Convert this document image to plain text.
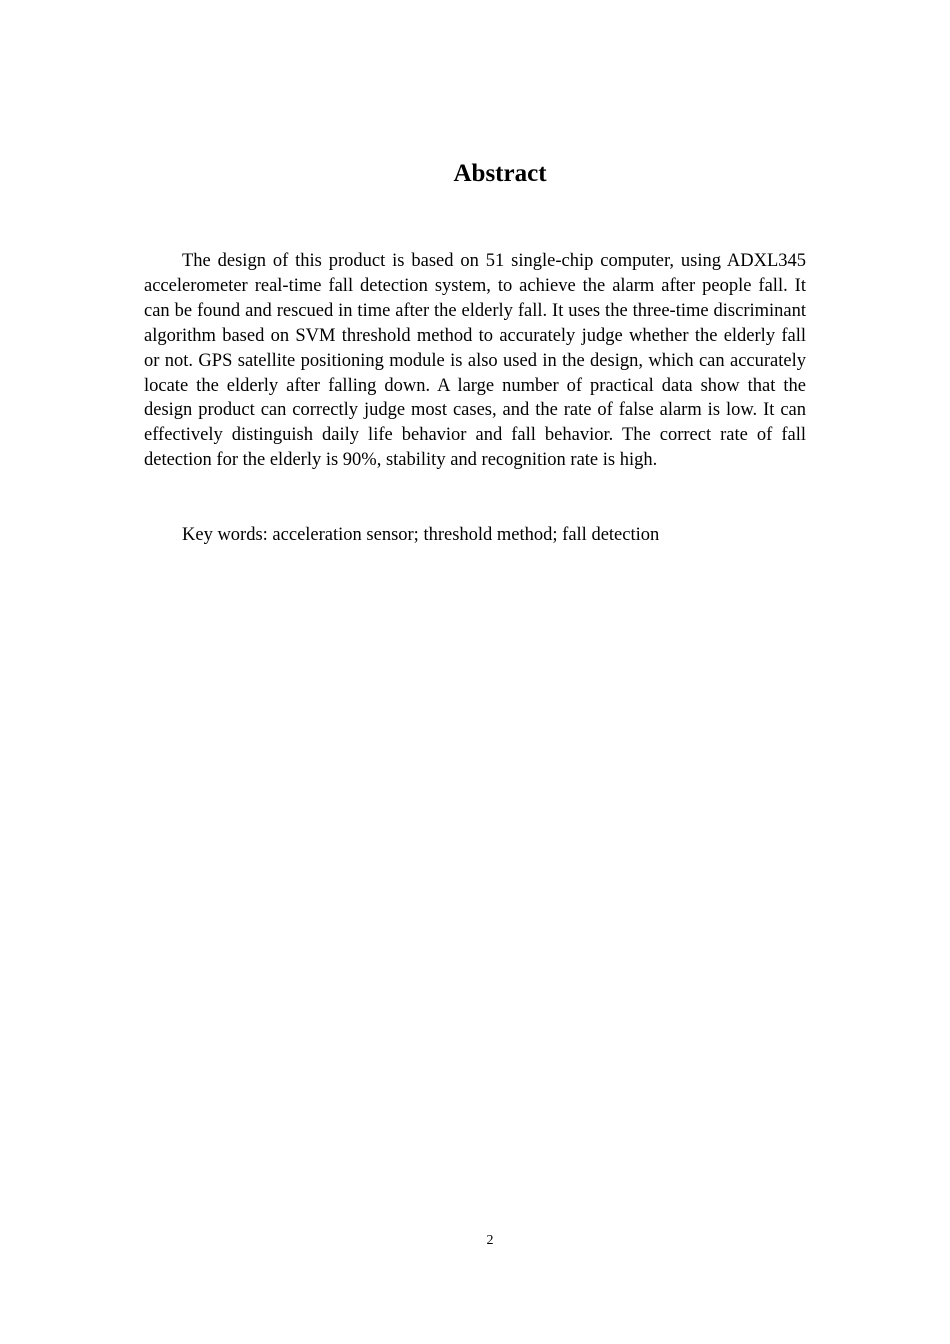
Abstract

The design of this product is based on 51 single-chip computer, using ADXL345 accelerometer real-time fall detection system, to achieve the alarm after people fall. It can be found and rescued in time after the elderly fall. It uses the three-time discriminant algorithm based on SVM threshold method to accurately judge whether the elderly fall or not. GPS satellite positioning module is also used in the design, which can accurately locate the elderly after falling down. A large number of practical data show that the design product can correctly judge most cases, and the rate of false alarm is low. It can effectively distinguish daily life behavior and fall behavior. The correct rate of fall detection for the elderly is 90%, stability and recognition rate is high.

Key words: acceleration sensor; threshold method; fall detection

2
